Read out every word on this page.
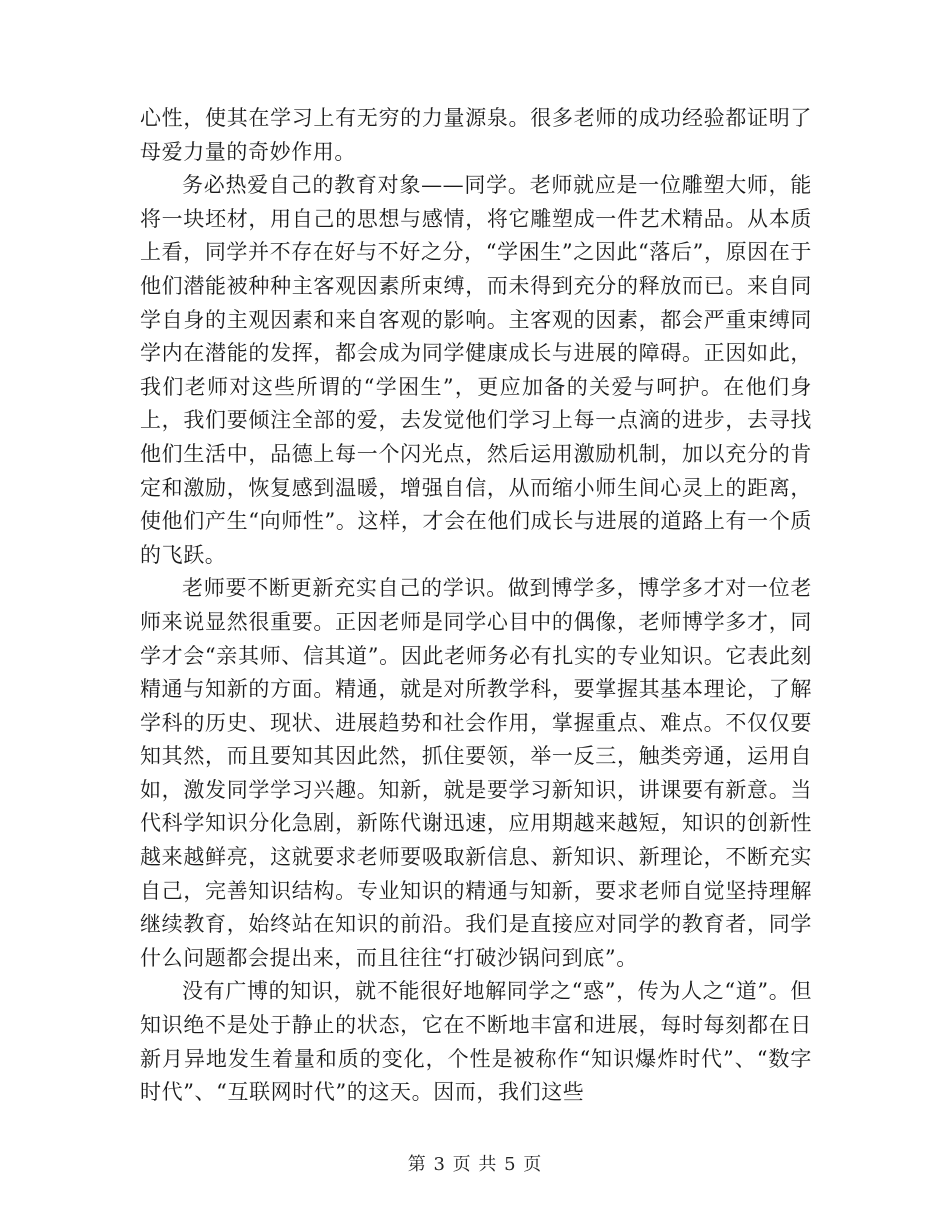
心性，使其在学习上有无穷的力量源泉。很多老师的成功经验都证明了母爱力量的奇妙作用。

务必热爱自己的教育对象——同学。老师就应是一位雕塑大师，能将一块坯材，用自己的思想与感情，将它雕塑成一件艺术精品。从本质上看，同学并不存在好与不好之分，“学困生”之因此“落后”，原因在于他们潜能被种种主客观因素所束缚，而未得到充分的释放而已。来自同学自身的主观因素和来自客观的影响。主客观的因素，都会严重束缚同学内在潜能的发挥，都会成为同学健康成长与进展的障碍。正因如此，我们老师对这些所谓的“学困生”，更应加备的关爱与呵护。在他们身上，我们要倾注全部的爱，去发觉他们学习上每一点滴的进步，去寻找他们生活中，品德上每一个闪光点，然后运用激励机制，加以充分的肯定和激励，恢复感到温暖，增强自信，从而缩小师生间心灵上的距离，使他们产生“向师性”。这样，才会在他们成长与进展的道路上有一个质的飞跃。

老师要不断更新充实自己的学识。做到博学多，博学多才对一位老师来说显然很重要。正因老师是同学心目中的偶像，老师博学多才，同学才会“亲其师、信其道”。因此老师务必有扎实的专业知识。它表此刻精通与知新的方面。精通，就是对所教学科，要掌握其基本理论，了解学科的历史、现状、进展趋势和社会作用，掌握重点、难点。不仅仅要知其然，而且要知其因此然，抓住要领，举一反三，触类旁通，运用自如，激发同学学习兴趣。知新，就是要学习新知识，讲课要有新意。当代科学知识分化急剧，新陈代谢迅速，应用期越来越短，知识的创新性越来越鲜亮，这就要求老师要吸取新信息、新知识、新理论，不断充实自己，完善知识结构。专业知识的精通与知新，要求老师自觉坚持理解继续教育，始终站在知识的前沿。我们是直接应对同学的教育者，同学什么问题都会提出来，而且往往“打破沙锅问到底”。

没有广博的知识，就不能很好地解同学之“惑”，传为人之“道”。但知识绝不是处于静止的状态，它在不断地丰富和进展，每时每刻都在日新月异地发生着量和质的变化，个性是被称作“知识爆炸时代”、“数字时代”、“互联网时代”的这天。因而，我们这些

第 3 页 共 5 页
